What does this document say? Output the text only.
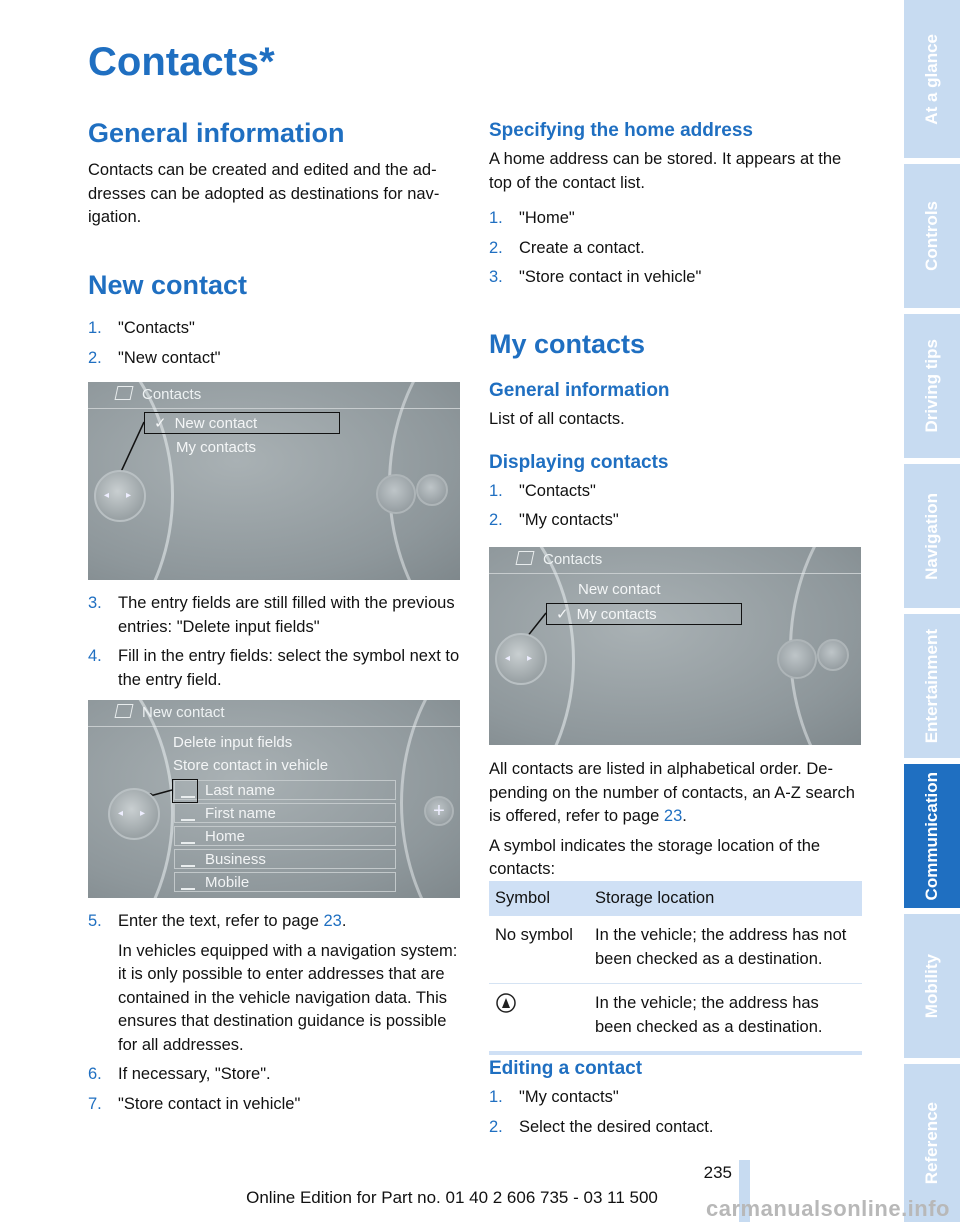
Contacts*
General information

Contacts can be created and edited and the addresses can be adopted as destinations for navigation.

New contact
1. "Contacts"
2. "New contact"
Contacts
✓ New contact
My contacts
◂ ▸
3. The entry fields are still filled with the previous entries: "Delete input fields"
4. Fill in the entry fields: select the symbol next to the entry field.
New contact
Delete input fields
Store contact in vehicle
Last name
First name
Home
Business
Mobile
◂ ▸	+
5. Enter the text, refer to page 23.

In vehicles equipped with a navigation system: it is only possible to enter addresses that are contained in the vehicle navigation data. This ensures that destination guidance is possible for all addresses.

6. If necessary, "Store".
7. "Store contact in vehicle"
Specifying the home address

A home address can be stored. It appears at the top of the contact list.

1. "Home"
2. Create a contact.
3. "Store contact in vehicle"
My contacts
General information

List of all contacts.

Displaying contacts
1. "Contacts"
2. "My contacts"
Contacts
New contact
✓ My contacts
◂ ▸

All contacts are listed in alphabetical order. Depending on the number of contacts, an A-Z search is offered, refer to page 23.

A symbol indicates the storage location of the contacts:

Symbol	Storage location
No symbol	In the vehicle; the address has not been checked as a destination.
	In the vehicle; the address has been checked as a destination.
Editing a contact
1. "My contacts"
2. Select the desired contact.
At a glance
Controls
Driving tips
Navigation
Entertainment
Communication
Mobility
Reference
235
Online Edition for Part no. 01 40 2 606 735 - 03 11 500	carmanualsonline.info
